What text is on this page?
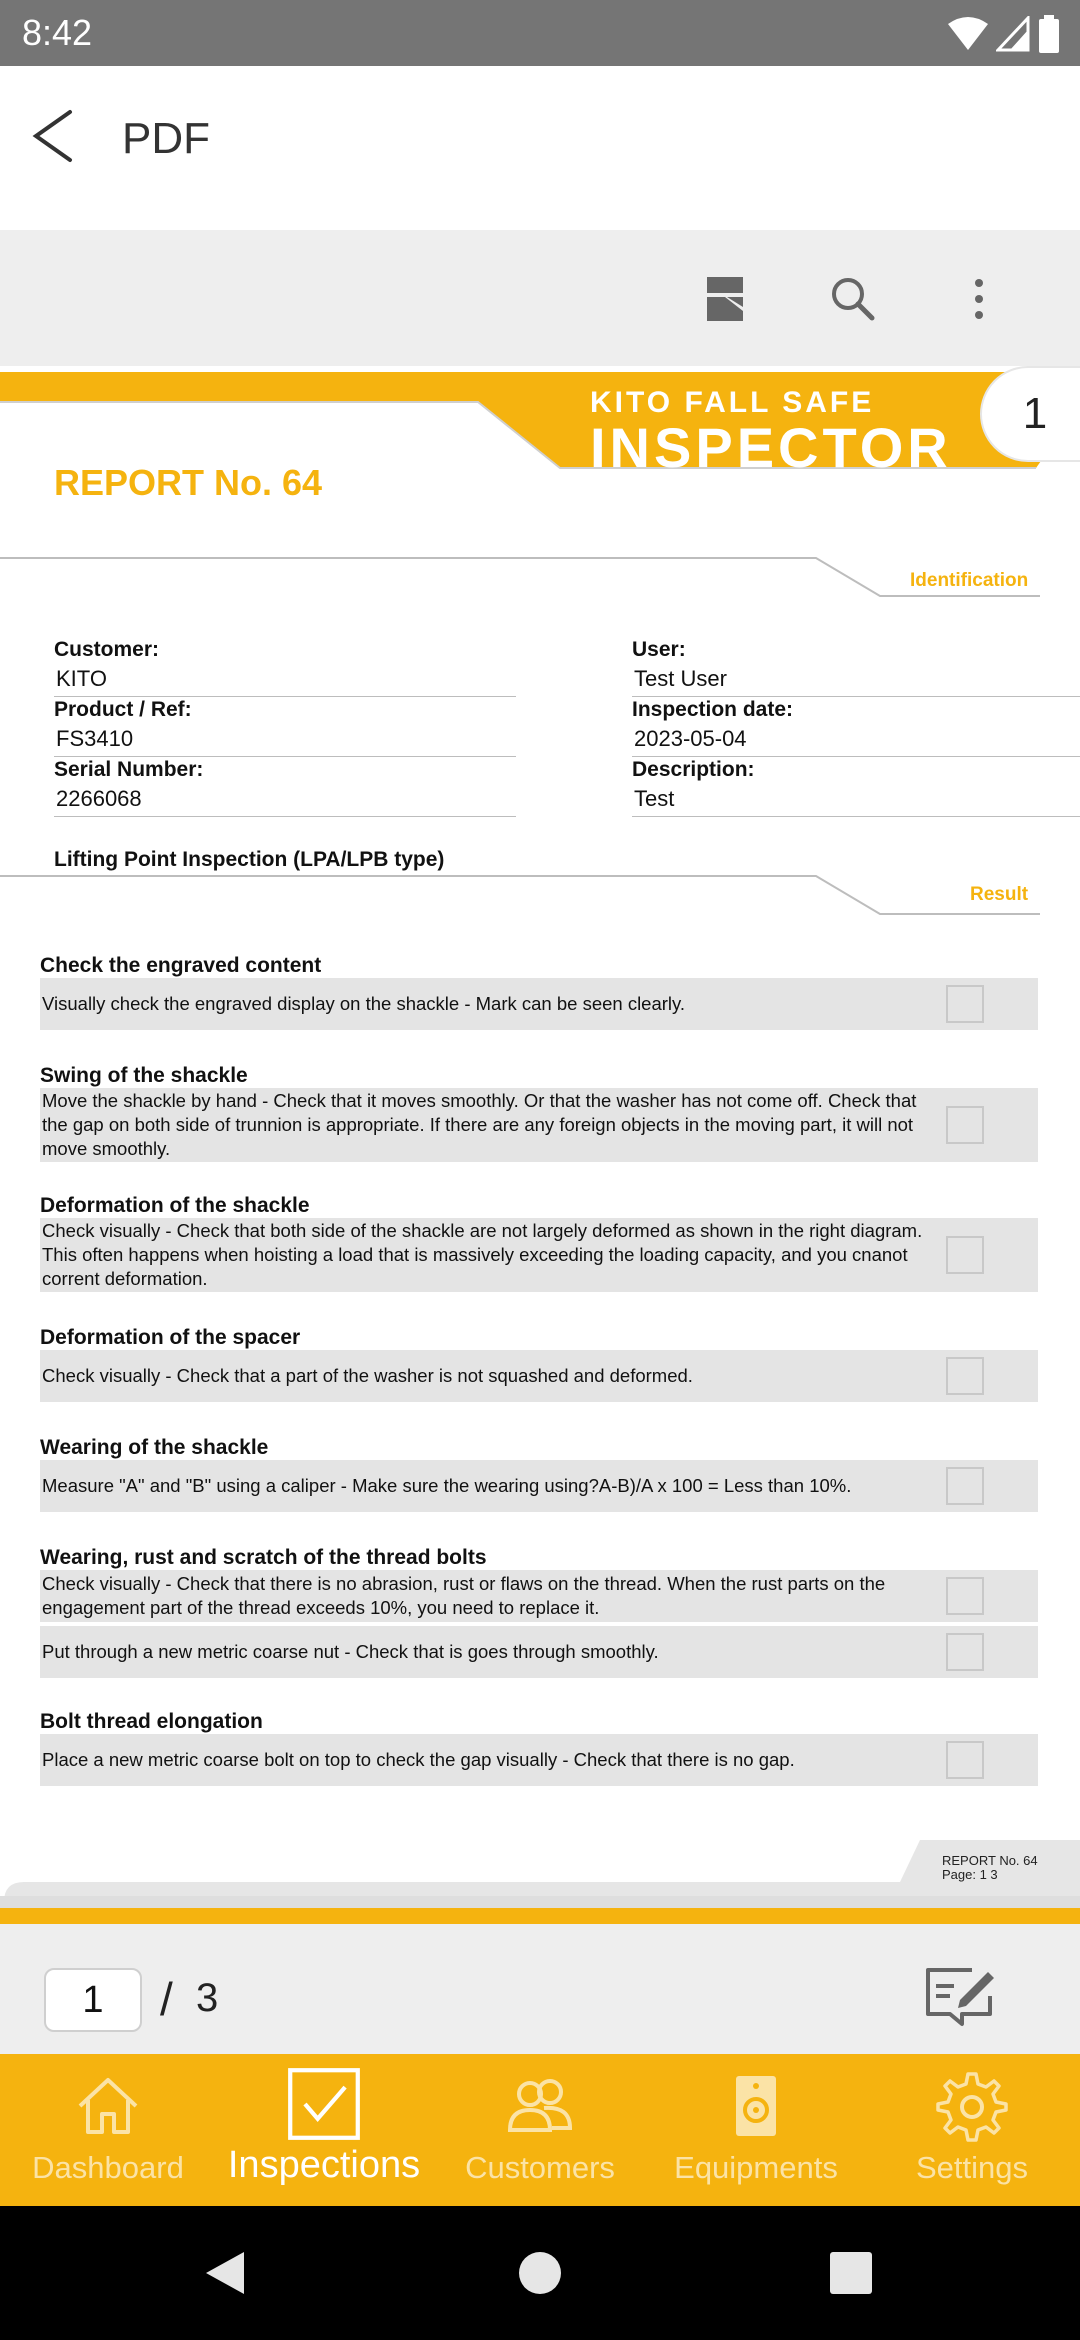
8:42
PDF
KITO FALL SAFE
INSPECTOR
1
REPORT No. 64
Identification
Customer:
KITO
Product / Ref:
FS3410
Serial Number:
2266068
User:
Test User
Inspection date:
2023-05-04
Description:
Test
Lifting Point Inspection (LPA/LPB type)
Result
Check the engraved content
Visually check the engraved display on the shackle - Mark can be seen clearly.
Swing of the shackle
Move the shackle by hand - Check that it moves smoothly. Or that the washer has not come off. Check that the gap on both side of trunnion is appropriate. If there are any foreign objects in the moving part, it will not move smoothly.
Deformation of the shackle
Check visually - Check that both side of the shackle are not largely deformed as shown in the right diagram. This often happens when hoisting a load that is massively exceeding the loading capacity, and you cnanot corrent deformation.
Deformation of the spacer
Check visually - Check that a part of the washer is not squashed and deformed.
Wearing of the shackle
Measure "A" and "B" using a caliper - Make sure the wearing using?A-B)/A x 100 = Less than 10%.
Wearing, rust and scratch of the thread bolts
Check visually - Check that there is no abrasion, rust or flaws on the thread. When the rust parts on the engagement part of the thread exceeds 10%, you need to replace it.
Put through a new metric coarse nut - Check that is goes through smoothly.
Bolt thread elongation
Place a new metric coarse bolt on top to check the gap visually - Check that there is no gap.
REPORT No. 64
Page: 1 3
1	/ 3
Dashboard Inspections Customers Equipments	Settings
